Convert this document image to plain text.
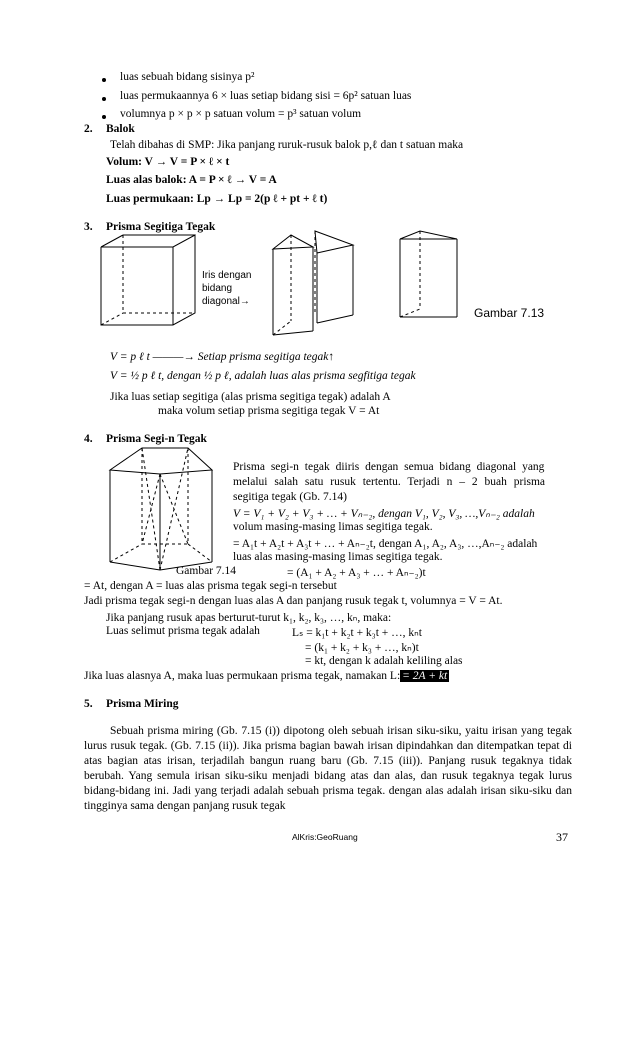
luas sebuah bidang sisinya p²
luas permukaannya 6 × luas setiap bidang sisi = 6p² satuan luas
volumnya p × p × p satuan volum = p³ satuan volum
2. Balok
Telah dibahas di SMP: Jika panjang ruruk-rusuk balok p,ℓ dan t satuan maka
Volum: V → V = P × ℓ × t
Luas alas balok: A = P × ℓ → V = A
Luas permukaan: Lp → Lp = 2(p ℓ + pt + ℓ t)
3. Prisma Segitiga Tegak
Iris dengan
bidang
diagonal→
Gambar 7.13
V = p ℓ t ———→ Setiap prisma segitiga tegak↑
V = ½ p ℓ t, dengan ½ p ℓ, adalah luas alas prisma segfitiga tegak
Jika luas setiap segitiga (alas prisma segitiga tegak) adalah A
maka volum setiap prisma segitiga tegak V = At
4. Prisma Segi-n Tegak
Prisma segi-n tegak diiris dengan semua bidang diagonal yang
melalui salah satu rusuk tertentu. Terjadi n – 2 buah prisma
segitiga tegak (Gb. 7.14)
V = V₁ + V₂ + V₃ + … + Vₙ₋₂, dengan V₁, V₂, V₃, …,Vₙ₋₂ adalah
volum masing-masing limas segitiga tegak.
= A₁t + A₂t + A₃t + … + Aₙ₋₂t, dengan A₁, A₂, A₃, …,Aₙ₋₂ adalah
luas alas masing-masing limas segitiga tegak.
Gambar 7.14	= (A₁ + A₂ + A₃ + … + Aₙ₋₂)t
= At, dengan A = luas alas prisma tegak segi-n tersebut
Jadi prisma tegak segi-n dengan luas alas A dan panjang rusuk tegak t, volumnya = V = At.
Jika panjang rusuk apas berturut-turut k₁, k₂, k₃, …, kₙ, maka:
Luas selimut prisma tegak adalah	Lₛ = k₁t + k₂t + k₃t + …, kₙt
= (k₁ + k₂ + k₃ + …, kₙ)t
= kt, dengan k adalah keliling alas
Jika luas alasnya A, maka luas permukaan prisma tegak, namakan L: = 2A + kt
5. Prisma Miring
Sebuah prisma miring (Gb. 7.15 (i)) dipotong oleh sebuah irisan siku-siku, yaitu irisan yang tegak lurus rusuk tegak. (Gb. 7.15 (ii)). Jika prisma bagian bawah irisan dipindahkan dan ditempatkan tepat di atas bagian atas irisan, terjadilah bangun ruang baru (Gb. 7.15 (iii)). Panjang rusuk tegaknya tidak berubah. Yang semula irisan siku-siku menjadi bidang atas dan alas, dan rusuk tegaknya tegak lurus bidang-bidang ini. Jadi yang terjadi adalah sebuah prisma tegak. dengan alas adalah irisan siku-siku dan tingginya sama dengan panjang rusuk tegak
AlKris:GeoRuang	37
